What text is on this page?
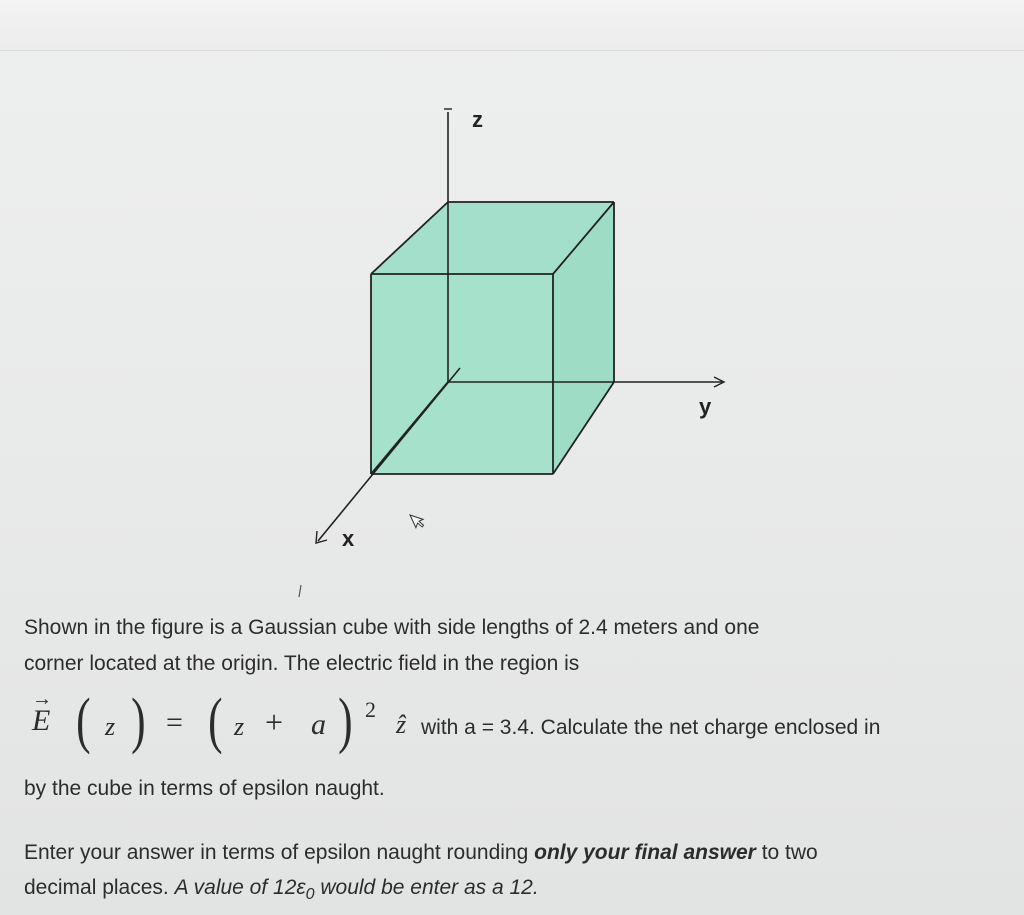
z
y
x
Shown in the figure is a Gaussian cube with side lengths of 2.4 meters and one
corner located at the origin. The electric field in the region is
→
E ( z ) = ( z + a ) 2
ẑ with a = 3.4. Calculate the net charge enclosed in
by the cube in terms of epsilon naught.
Enter your answer in terms of epsilon naught rounding only your final answer to two
decimal places. A value of $12\varepsilon_0$ would be enter as a 12.
